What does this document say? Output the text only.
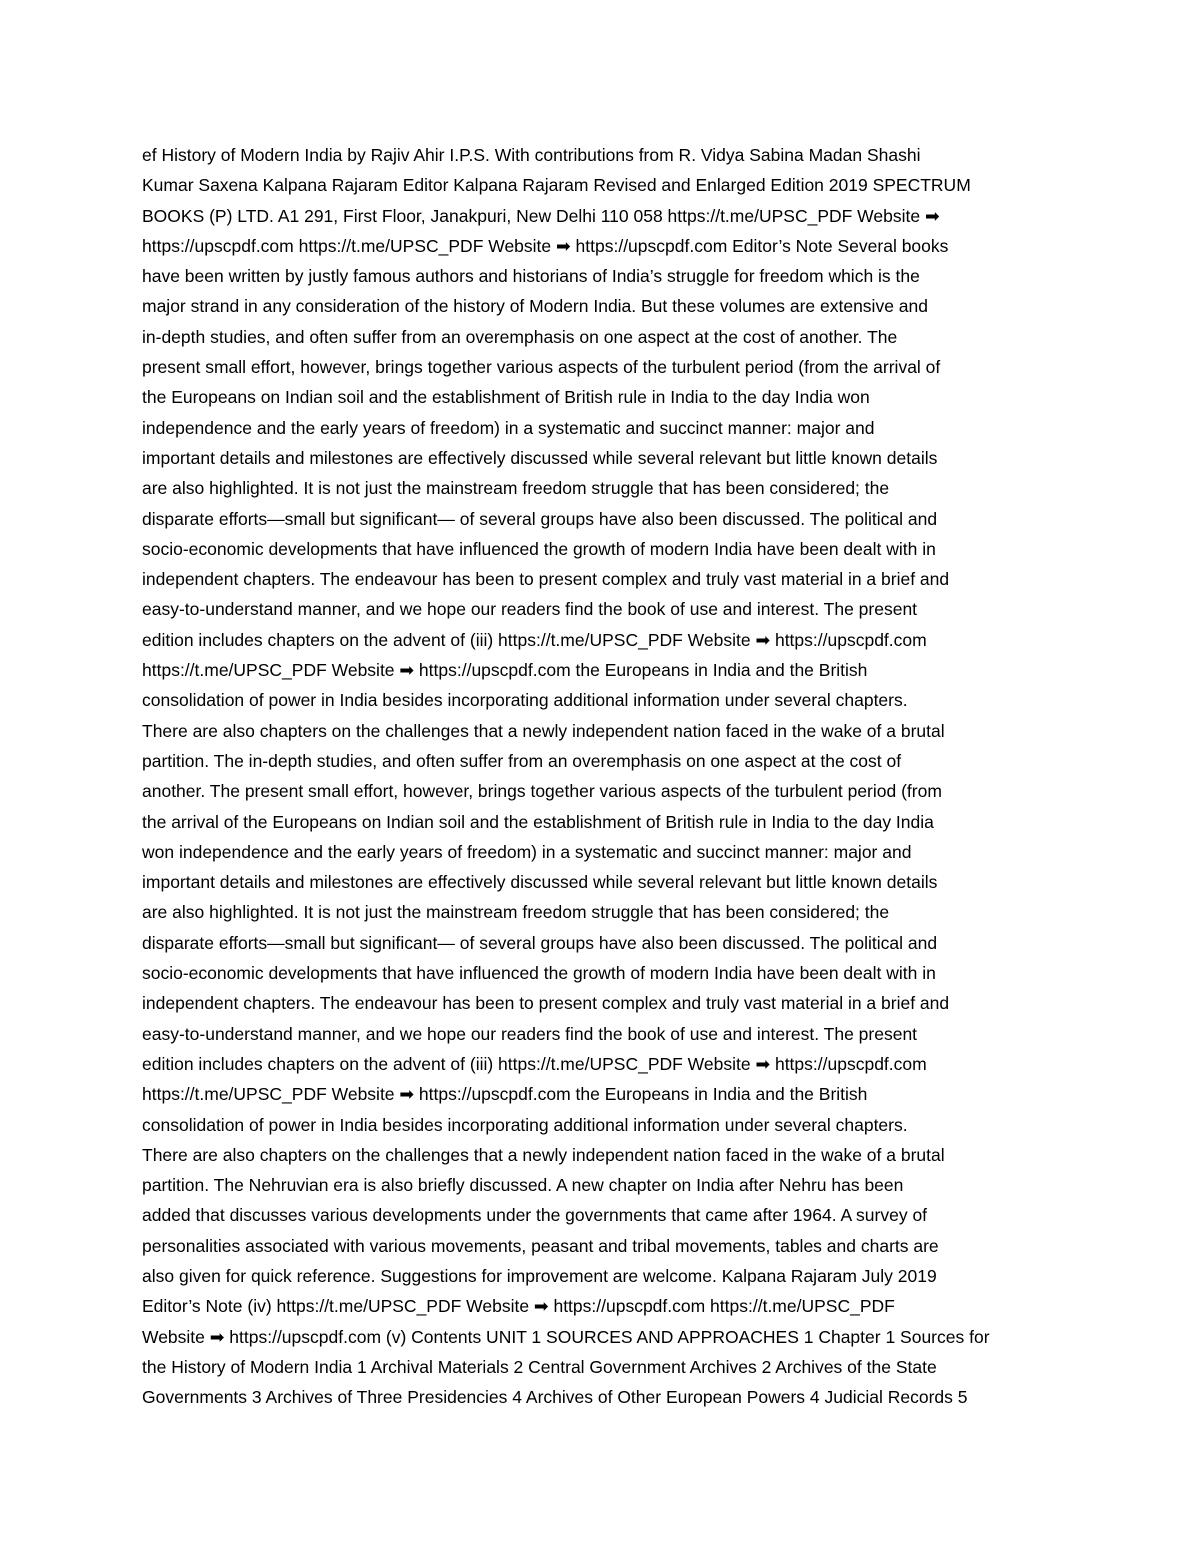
ef History of Modern India by Rajiv Ahir I.P.S. With contributions from R. Vidya Sabina Madan Shashi
Kumar Saxena Kalpana Rajaram Editor Kalpana Rajaram Revised and Enlarged Edition 2019 SPECTRUM
BOOKS (P) LTD. A1 291, First Floor, Janakpuri, New Delhi 110 058 https://t.me/UPSC_PDF Website ➡
https://upscpdf.com https://t.me/UPSC_PDF Website ➡ https://upscpdf.com Editor’s Note Several books
have been written by justly famous authors and historians of India’s struggle for freedom which is the
major strand in any consideration of the history of Modern India. But these volumes are extensive and
in-depth studies, and often suffer from an overemphasis on one aspect at the cost of another. The
present small effort, however, brings together various aspects of the turbulent period (from the arrival of
the Europeans on Indian soil and the establishment of British rule in India to the day India won
independence and the early years of freedom) in a systematic and succinct manner: major and
important details and milestones are effectively discussed while several relevant but little known details
are also highlighted. It is not just the mainstream freedom struggle that has been considered; the
disparate efforts—small but significant— of several groups have also been discussed. The political and
socio-economic developments that have influenced the growth of modern India have been dealt with in
independent chapters. The endeavour has been to present complex and truly vast material in a brief and
easy-to-understand manner, and we hope our readers find the book of use and interest. The present
edition includes chapters on the advent of (iii) https://t.me/UPSC_PDF Website ➡ https://upscpdf.com
https://t.me/UPSC_PDF Website ➡ https://upscpdf.com the Europeans in India and the British
consolidation of power in India besides incorporating additional information under several chapters.
There are also chapters on the challenges that a newly independent nation faced in the wake of a brutal
partition. The in-depth studies, and often suffer from an overemphasis on one aspect at the cost of
another. The present small effort, however, brings together various aspects of the turbulent period (from
the arrival of the Europeans on Indian soil and the establishment of British rule in India to the day India
won independence and the early years of freedom) in a systematic and succinct manner: major and
important details and milestones are effectively discussed while several relevant but little known details
are also highlighted. It is not just the mainstream freedom struggle that has been considered; the
disparate efforts—small but significant— of several groups have also been discussed. The political and
socio-economic developments that have influenced the growth of modern India have been dealt with in
independent chapters. The endeavour has been to present complex and truly vast material in a brief and
easy-to-understand manner, and we hope our readers find the book of use and interest. The present
edition includes chapters on the advent of (iii) https://t.me/UPSC_PDF Website ➡ https://upscpdf.com
https://t.me/UPSC_PDF Website ➡ https://upscpdf.com the Europeans in India and the British
consolidation of power in India besides incorporating additional information under several chapters.
There are also chapters on the challenges that a newly independent nation faced in the wake of a brutal
partition. The Nehruvian era is also briefly discussed. A new chapter on India after Nehru has been
added that discusses various developments under the governments that came after 1964. A survey of
personalities associated with various movements, peasant and tribal movements, tables and charts are
also given for quick reference. Suggestions for improvement are welcome. Kalpana Rajaram July 2019
Editor’s Note (iv) https://t.me/UPSC_PDF Website ➡ https://upscpdf.com https://t.me/UPSC_PDF
Website ➡ https://upscpdf.com (v) Contents UNIT 1 SOURCES AND APPROACHES 1 Chapter 1 Sources for
the History of Modern India 1 Archival Materials 2 Central Government Archives 2 Archives of the State
Governments 3 Archives of Three Presidencies 4 Archives of Other European Powers 4 Judicial Records 5
